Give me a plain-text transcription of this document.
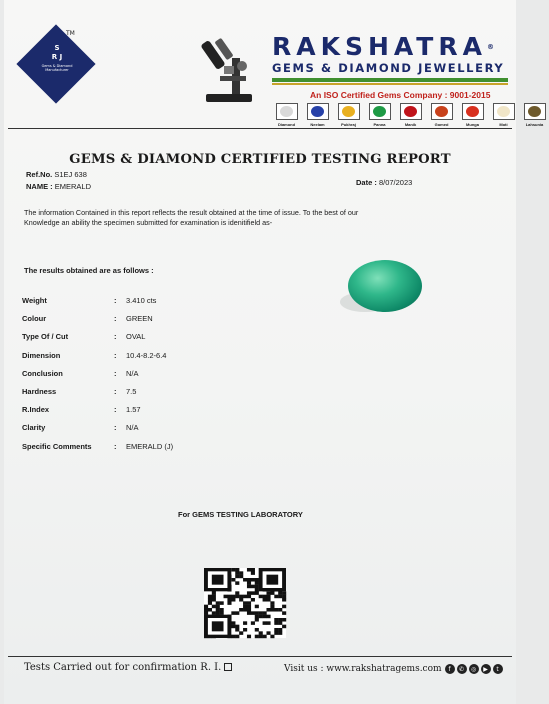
S
R J
Gems & Diamond Manufacturer
TM	RAKSHATRA®
GEMS & DIAMOND JEWELLERY
An ISO Certified Gems Company : 9001-2015
Diamond	Neelam	Pukhraj	Panna	Manik	Gomed	Munga	Moti	Lahsunia
GEMS & DIAMOND CERTIFIED TESTING REPORT
Ref.No. S1EJ 638
NAME : EMERALD	Date : 8/07/2023
The information Contained in this report reflects the result obtained at the time of issue. To the best of our
Knowledge an ability the specimen submitted for examination is idenitifield as-
The results obtained are as follows :
Weight	: 3.410 cts
Colour	: GREEN
Type Of / Cut	: OVAL
Dimension	: 10.4-8.2-6.4
Conclusion	: N/A
Hardness	: 7.5
R.Index	: 1.57
Clarity	: N/A
Specific Comments	: EMERALD (J)
For GEMS TESTING LABORATORY
Tests Carried out for confirmation R. I.	Visit us : www.rakshatragems.com	f	✆	◎	▶	t
